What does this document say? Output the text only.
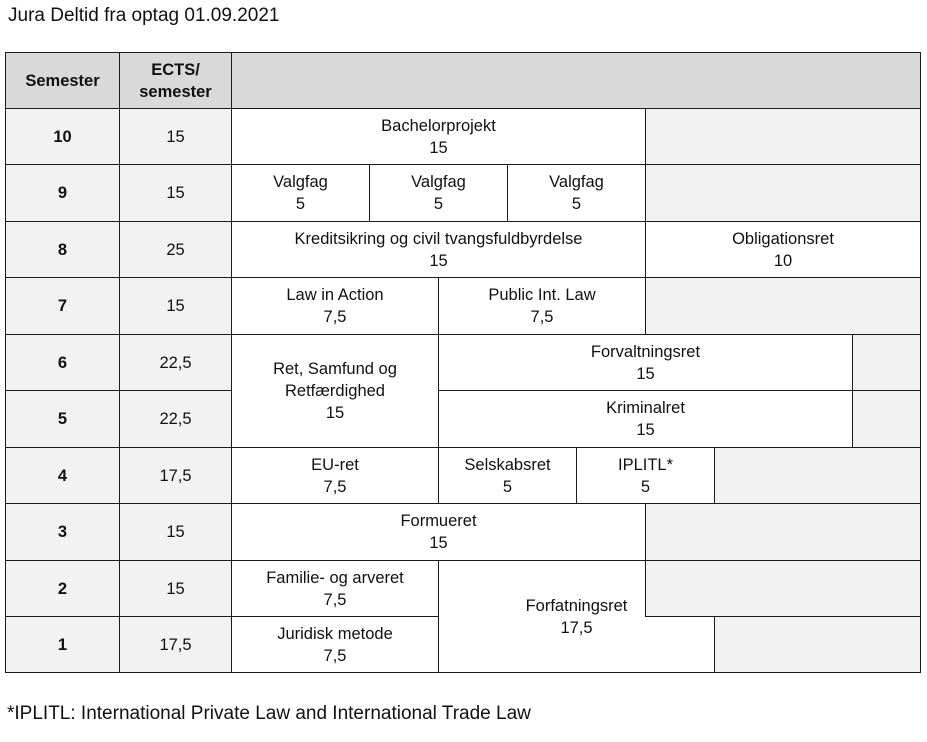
Jura Deltid fra optag 01.09.2021
Semester
ECTS/
semester
10
9
8
7
6
5
4
3
2
1
15
15
25
15
22,5
22,5
17,5
15
15
17,5
Bachelorprojekt
15
Valgfag
5
Valgfag
5
Valgfag
5
Kreditsikring og civil tvangsfuldbyrdelse
15
Obligationsret
10
Law in Action
7,5
Public Int. Law
7,5
Ret, Samfund og
Retfærdighed
15
Forvaltningsret
15
Kriminalret
15
EU-ret
7,5
Selskabsret
5
IPLITL*
5
Formueret
15
Familie- og arveret
7,5	Forfatningsret
17,5
Juridisk metode
7,5
*IPLITL: International Private Law and International Trade Law
